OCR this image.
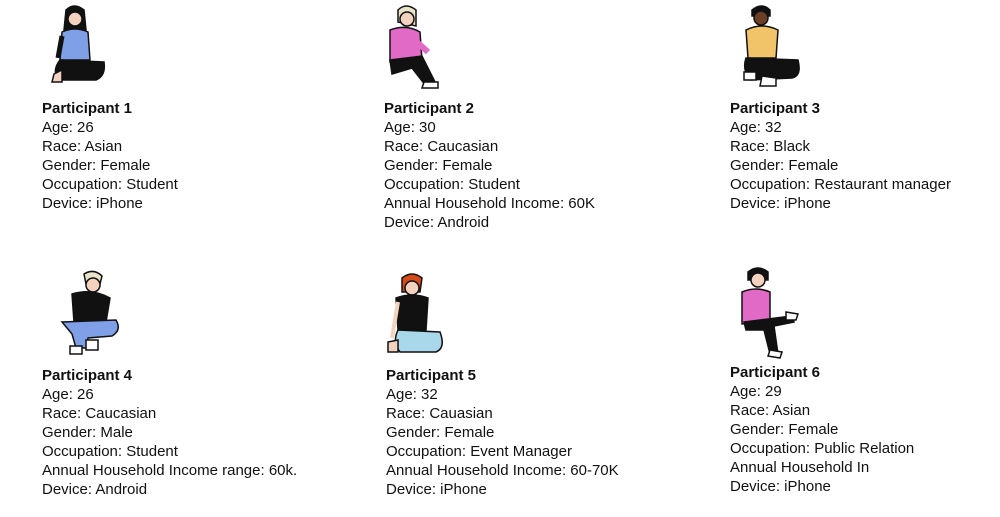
Participant 1
Age: 26
Race: Asian
Gender: Female
Occupation: Student
Device: iPhone
Participant 2
Age: 30
Race: Caucasian
Gender: Female
Occupation: Student
Annual Household Income: 60K
Device: Android
Participant 3
Age: 32
Race: Black
Gender: Female
Occupation: Restaurant manager
Device: iPhone
Participant 4
Age: 26
Race: Caucasian
Gender: Male
Occupation: Student
Annual Household Income range: 60k.
Device: Android
Participant 5
Age: 32
Race: Cauasian
Gender: Female
Occupation: Event Manager
Annual Household Income: 60-70K
Device: iPhone
Participant 6
Age: 29
Race: Asian
Gender: Female
Occupation: Public Relation
Annual Household In
Device: iPhone
